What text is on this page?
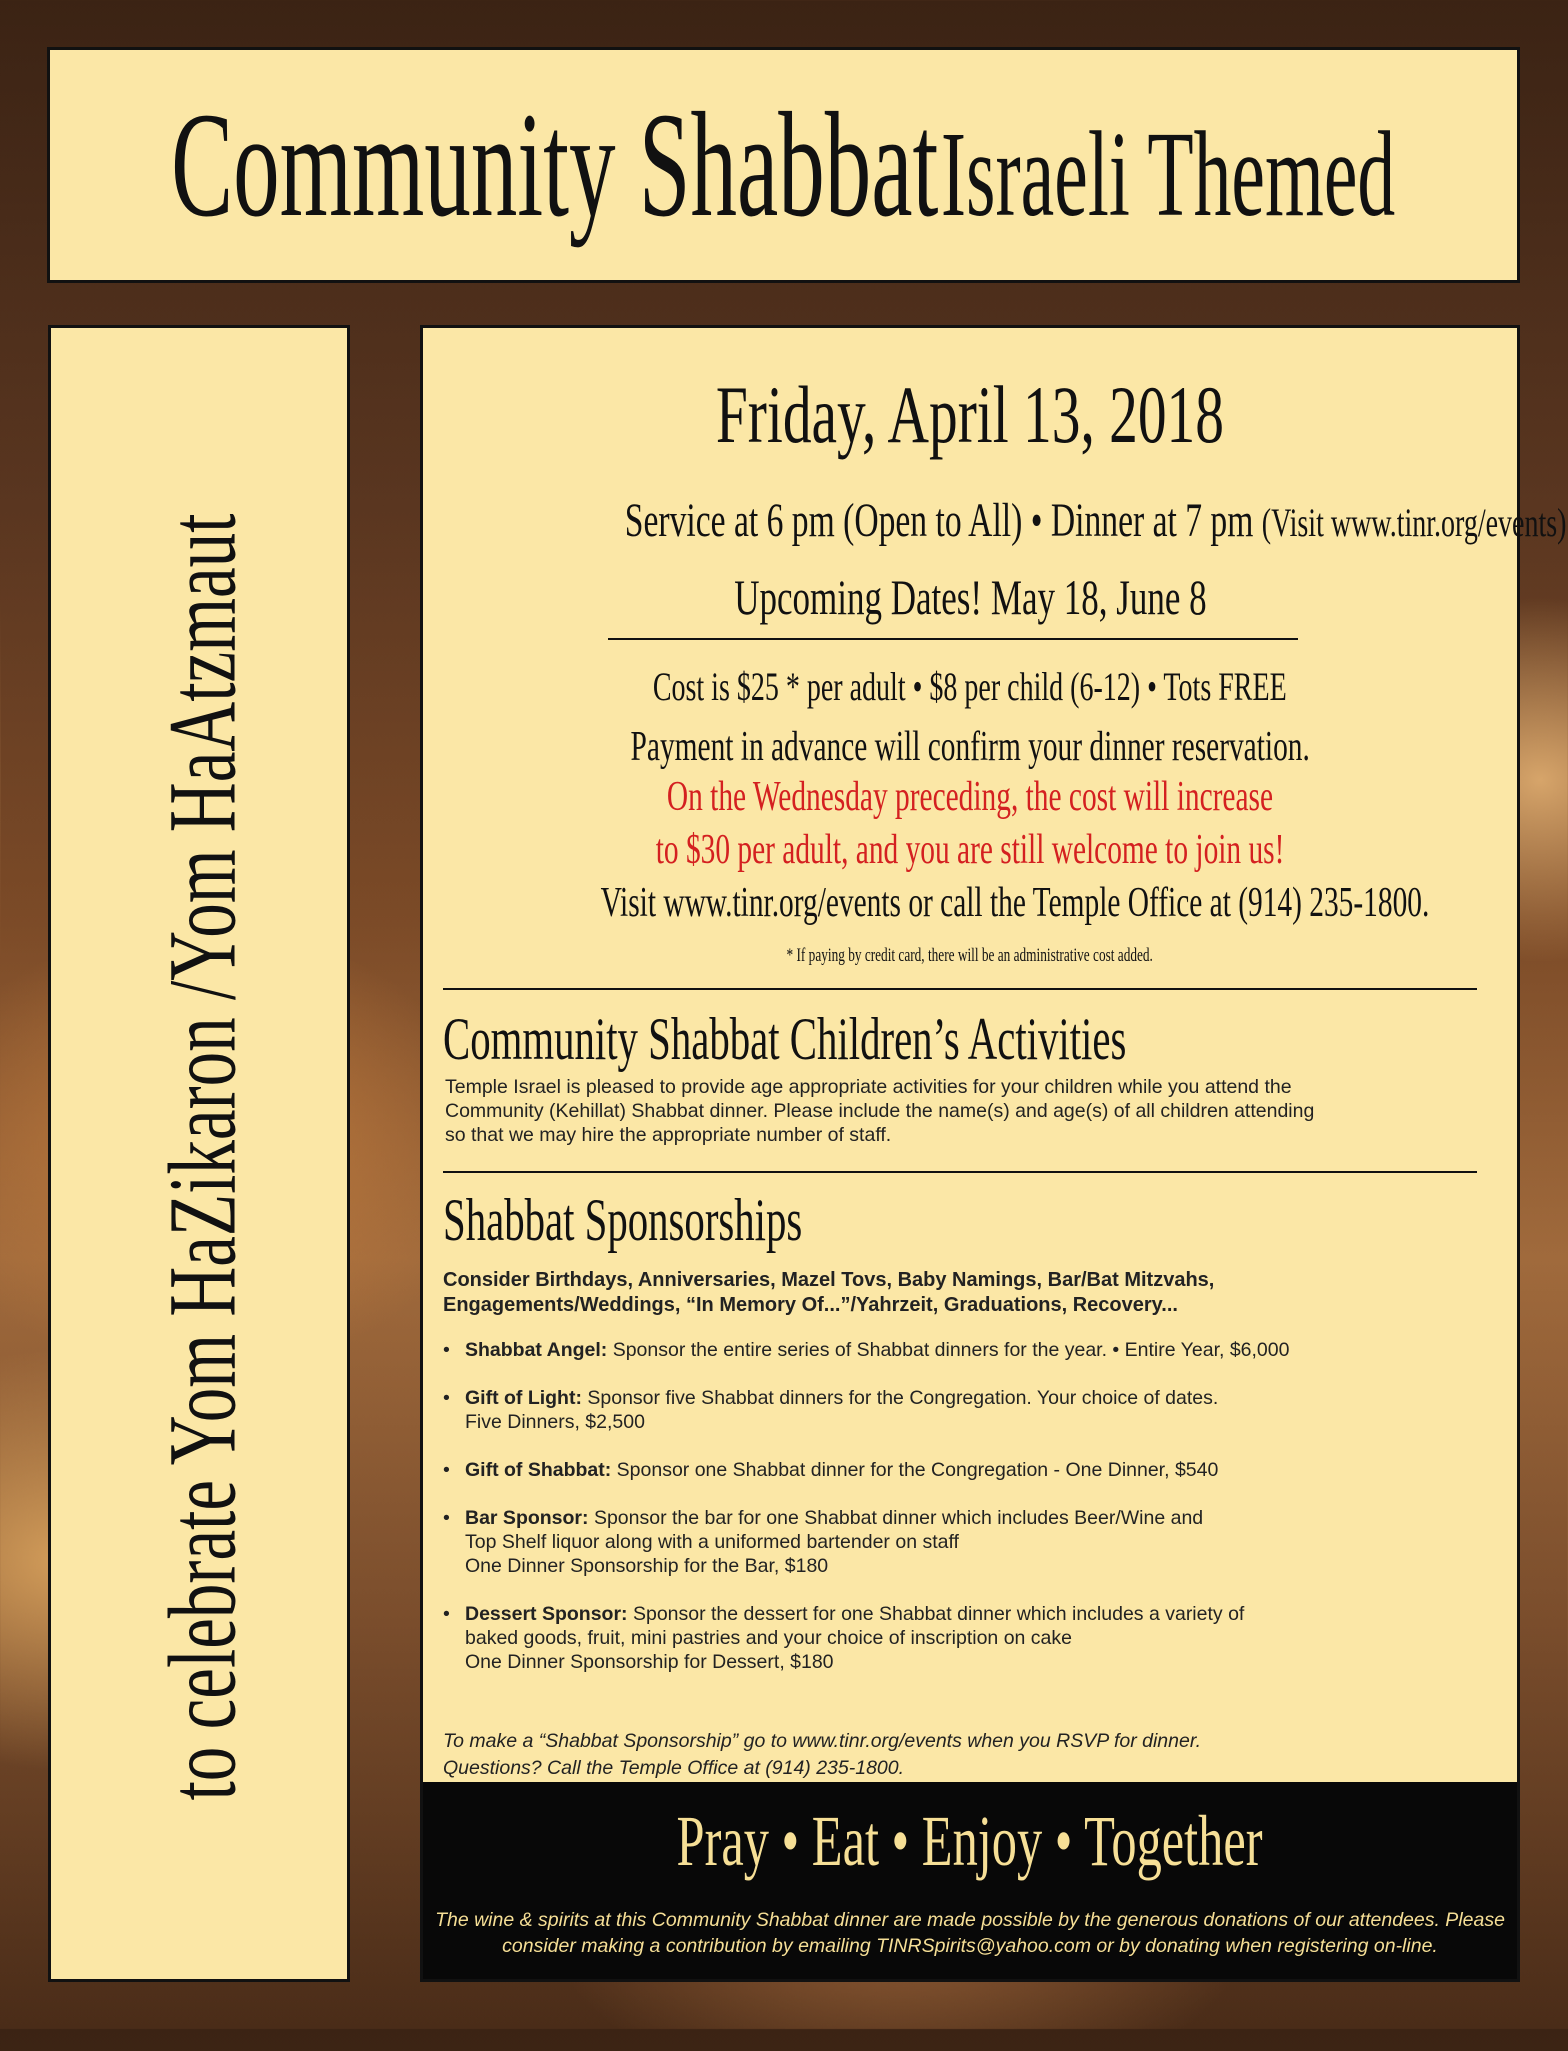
Community Shabbat Israeli Themed
to celebrate Yom HaZikaron /Yom HaAtzmaut
Friday, April 13, 2018
Service at 6 pm (Open to All) • Dinner at 7 pm (Visit www.tinr.org/events)
Upcoming Dates! May 18, June 8
Cost is $25 * per adult • $8 per child (6-12) • Tots FREE
Payment in advance will confirm your dinner reservation.
On the Wednesday preceding, the cost will increase
to $30 per adult, and you are still welcome to join us!
Visit www.tinr.org/events or call the Temple Office at (914) 235-1800.
* If paying by credit card, there will be an administrative cost added.
Community Shabbat Children’s Activities
Temple Israel is pleased to provide age appropriate activities for your children while you attend the
Community (Kehillat) Shabbat dinner. Please include the name(s) and age(s) of all children attending
so that we may hire the appropriate number of staff.
Shabbat Sponsorships
Consider Birthdays, Anniversaries, Mazel Tovs, Baby Namings, Bar/Bat Mitzvahs,
Engagements/Weddings, “In Memory Of...”/Yahrzeit, Graduations, Recovery...
• Shabbat Angel: Sponsor the entire series of Shabbat dinners for the year. • Entire Year, $6,000
• Gift of Light: Sponsor five Shabbat dinners for the Congregation. Your choice of dates.
Five Dinners, $2,500
• Gift of Shabbat: Sponsor one Shabbat dinner for the Congregation - One Dinner, $540
• Bar Sponsor: Sponsor the bar for one Shabbat dinner which includes Beer/Wine and
Top Shelf liquor along with a uniformed bartender on staff
One Dinner Sponsorship for the Bar, $180
• Dessert Sponsor: Sponsor the dessert for one Shabbat dinner which includes a variety of
baked goods, fruit, mini pastries and your choice of inscription on cake
One Dinner Sponsorship for Dessert, $180
To make a “Shabbat Sponsorship” go to www.tinr.org/events when you RSVP for dinner.
Questions? Call the Temple Office at (914) 235-1800.
Pray • Eat • Enjoy • Together
The wine & spirits at this Community Shabbat dinner are made possible by the generous donations of our attendees. Please
consider making a contribution by emailing TINRSpirits@yahoo.com or by donating when registering on-line.
